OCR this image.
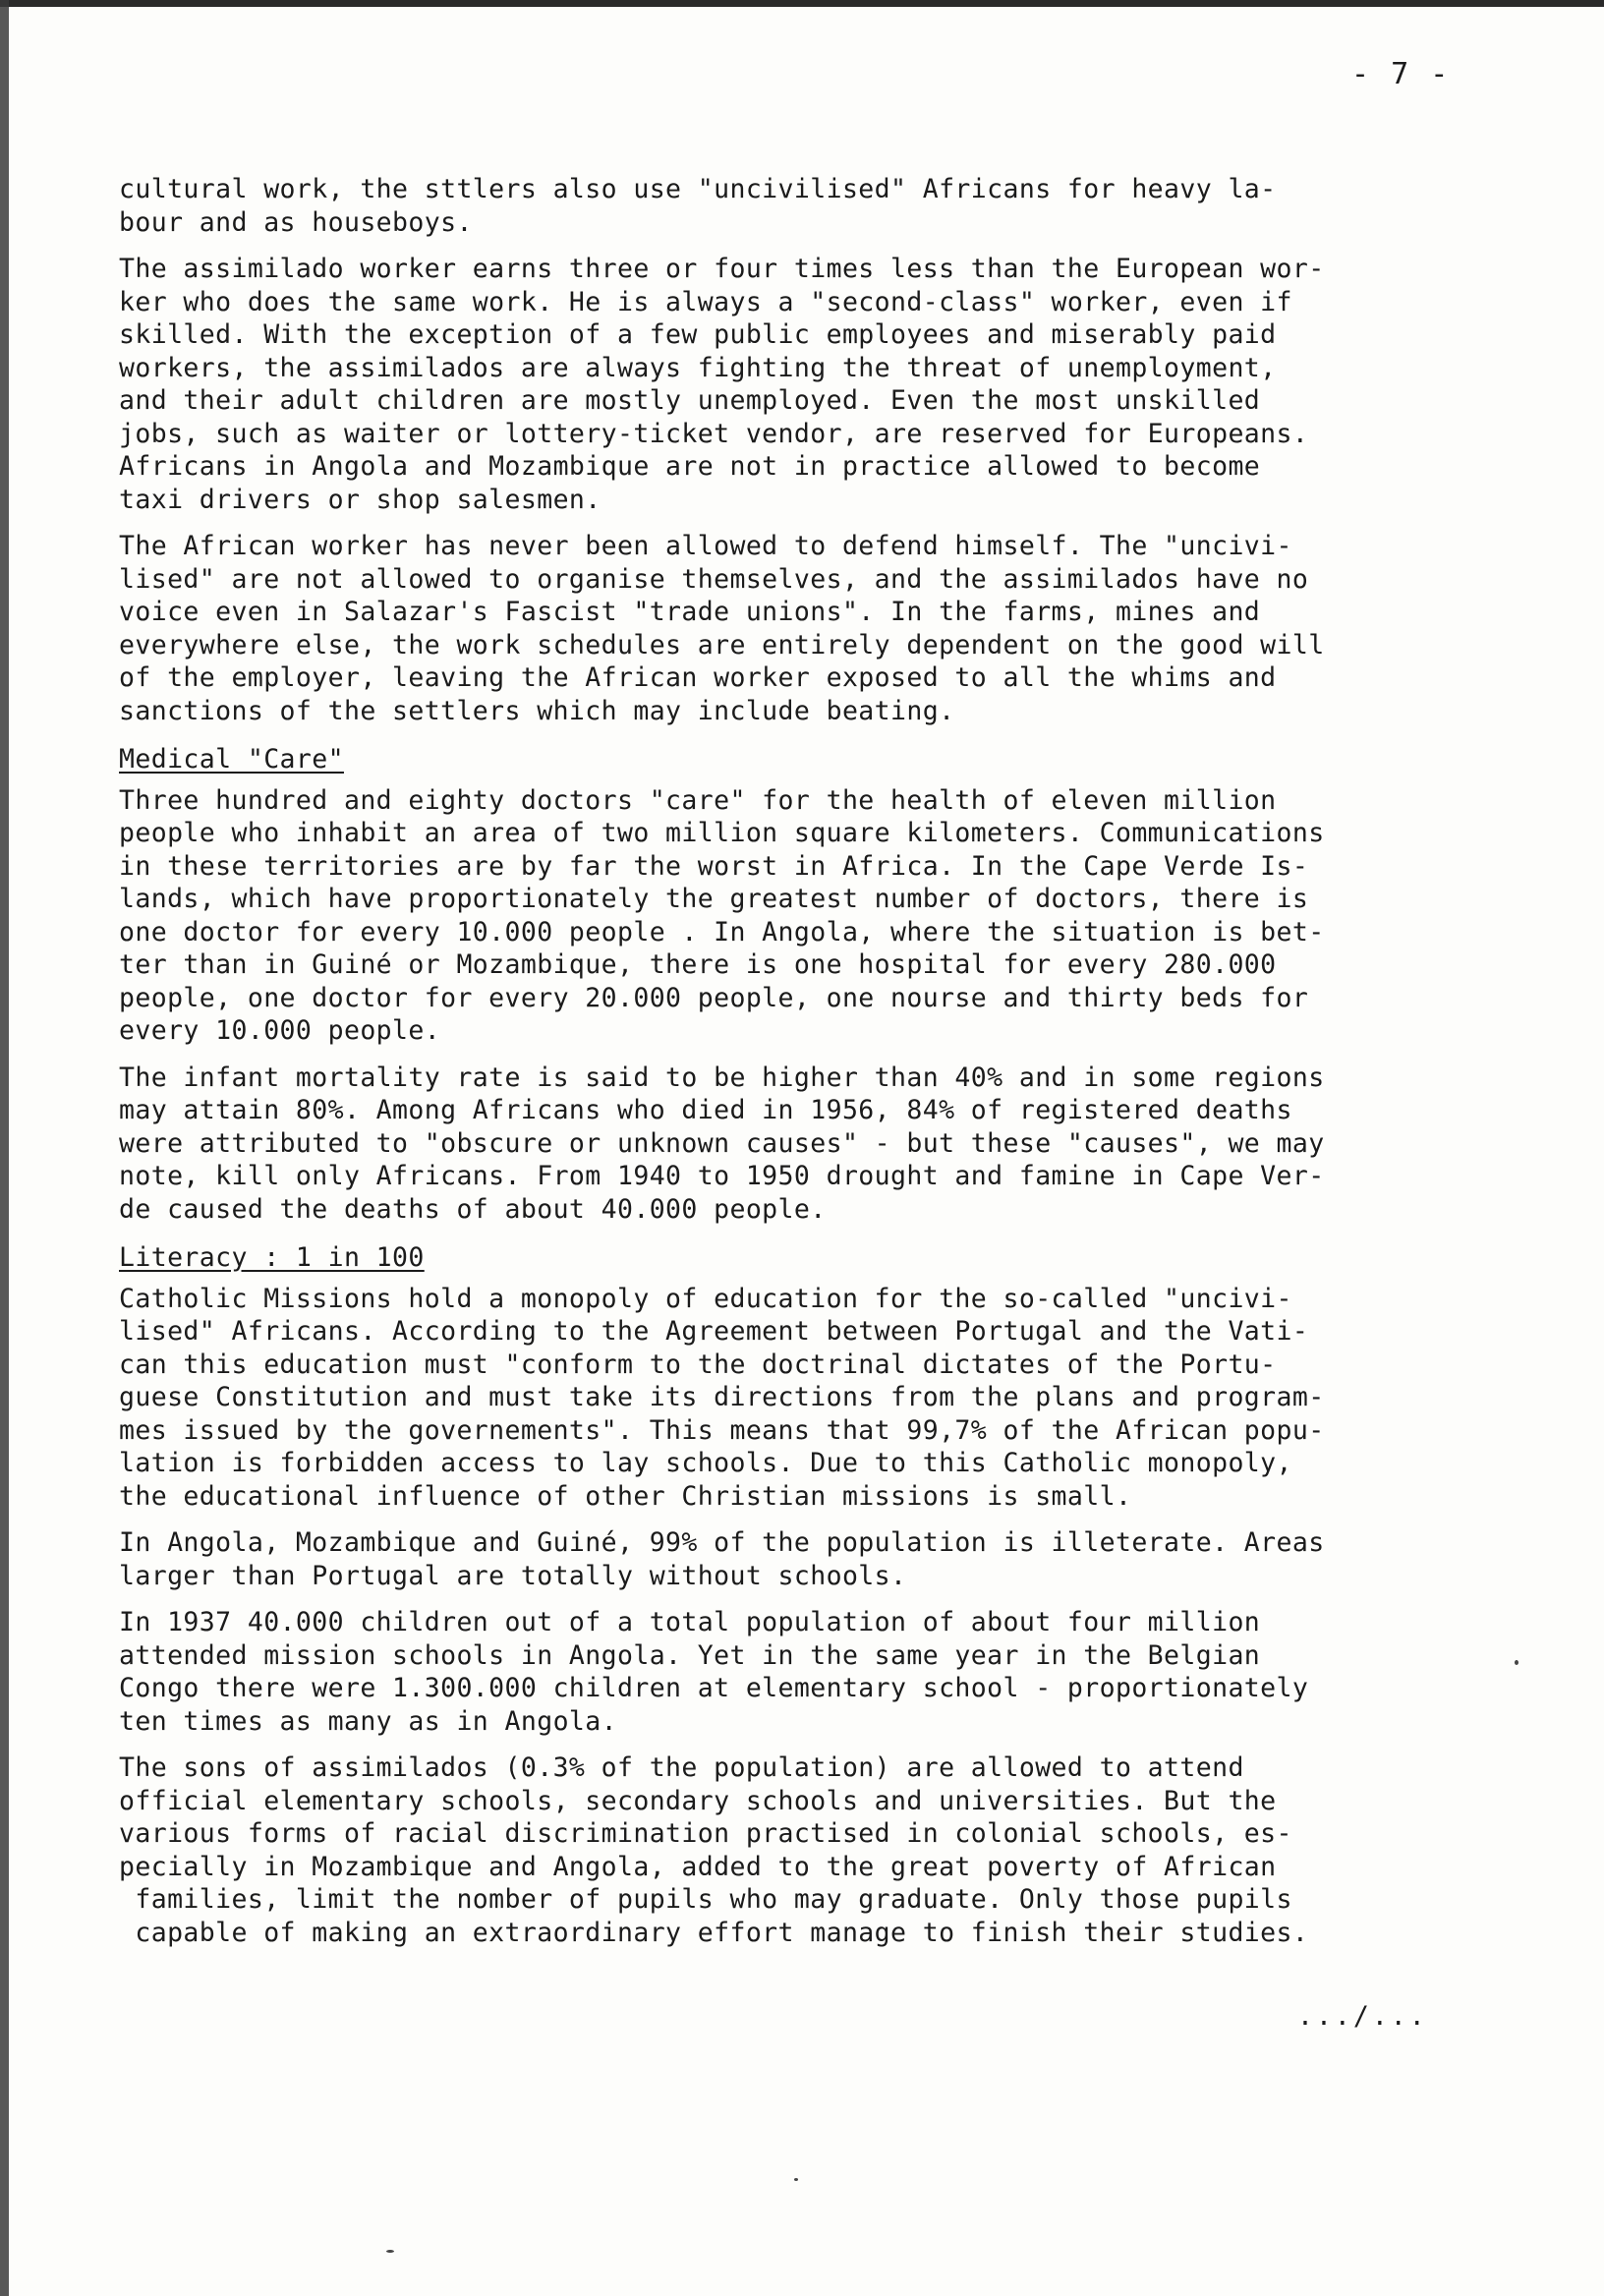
- 7 -

cultural work, the sttlers also use "uncivilised" Africans for heavy la-
bour and as houseboys.

The assimilado worker earns three or four times less than the European wor-
ker who does the same work. He is always a "second-class" worker, even if
skilled. With the exception of a few public employees and miserably paid
workers, the assimilados are always fighting the threat of unemployment,
and their adult children are mostly unemployed. Even the most unskilled
jobs, such as waiter or lottery-ticket vendor, are reserved for Europeans.
Africans in Angola and Mozambique are not in practice allowed to become
taxi drivers or shop salesmen.

The African worker has never been allowed to defend himself. The "uncivi-
lised" are not allowed to organise themselves, and the assimilados have no
voice even in Salazar's Fascist "trade unions". In the farms, mines and
everywhere else, the work schedules are entirely dependent on the good will
of the employer, leaving the African worker exposed to all the whims and
sanctions of the settlers which may include beating.

Medical "Care"

Three hundred and eighty doctors "care" for the health of eleven million
people who inhabit an area of two million square kilometers. Communications
in these territories are by far the worst in Africa. In the Cape Verde Is-
lands, which have proportionately the greatest number of doctors, there is
one doctor for every 10.000 people . In Angola, where the situation is bet-
ter than in Guiné or Mozambique, there is one hospital for every 280.000
people, one doctor for every 20.000 people, one nourse and thirty beds for
every 10.000 people.

The infant mortality rate is said to be higher than 40% and in some regions
may attain 80%. Among Africans who died in 1956, 84% of registered deaths
were attributed to "obscure or unknown causes" - but these "causes", we may
note, kill only Africans. From 1940 to 1950 drought and famine in Cape Ver-
de caused the deaths of about 40.000 people.

Literacy : 1 in 100

Catholic Missions hold a monopoly of education for the so-called "uncivi-
lised" Africans. According to the Agreement between Portugal and the Vati-
can this education must "conform to the doctrinal dictates of the Portu-
guese Constitution and must take its directions from the plans and program-
mes issued by the governements". This means that 99,7% of the African popu-
lation is forbidden access to lay schools. Due to this Catholic monopoly,
the educational influence of other Christian missions is small.

In Angola, Mozambique and Guiné, 99% of the population is illeterate. Areas
larger than Portugal are totally without schools.

In 1937 40.000 children out of a total population of about four million
attended mission schools in Angola. Yet in the same year in the Belgian
Congo there were 1.300.000 children at elementary school - proportionately
ten times as many as in Angola.

The sons of assimilados (0.3% of the population) are allowed to attend
official elementary schools, secondary schools and universities. But the
various forms of racial discrimination practised in colonial schools, es-
pecially in Mozambique and Angola, added to the great poverty of African
families, limit the nomber of pupils who may graduate. Only those pupils
capable of making an extraordinary effort manage to finish their studies.

.../...
